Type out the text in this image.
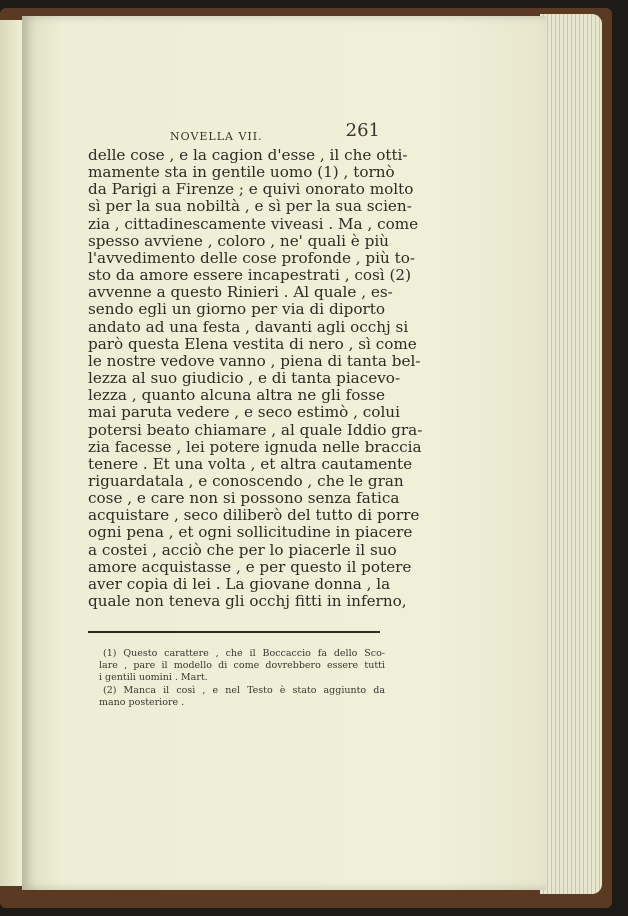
NOVELLA VII.	261
delle cose , e la cagion d'esse , il che otti-
mamente sta in gentile uomo (1) , tornò
da Parigi a Firenze ; e quivi onorato molto
sì per la sua nobiltà , e sì per la sua scien-
zia , cittadinescamente viveasi . Ma , come
spesso avviene , coloro , ne' quali è più
l'avvedimento delle cose profonde , più to-
sto da amore essere incapestrati , così (2)
avvenne a questo Rinieri . Al quale , es-
sendo egli un giorno per via di diporto
andato ad una festa , davanti agli occhj si
parò questa Elena vestita di nero , sì come
le nostre vedove vanno , piena di tanta bel-
lezza al suo giudicio , e di tanta piacevo-
lezza , quanto alcuna altra ne gli fosse
mai paruta vedere , e seco estimò , colui
potersi beato chiamare , al quale Iddio gra-
zia facesse , lei potere ignuda nelle braccia
tenere . Et una volta , et altra cautamente
riguardatala , e conoscendo , che le gran
cose , e care non si possono senza fatica
acquistare , seco diliberò del tutto di porre
ogni pena , et ogni sollicitudine in piacere
a costei , acciò che per lo piacerle il suo
amore acquistasse , e per questo il potere
aver copia di lei . La giovane donna , la
quale non teneva gli occhj fitti in inferno,
(1) Questo carattere , che il Boccaccio fa dello Sco-
lare , pare il modello di come dovrebbero essere tutti
i gentili uomini . Mart.
(2) Manca il così , e nel Testo è stato aggiunto da
mano posteriore .
